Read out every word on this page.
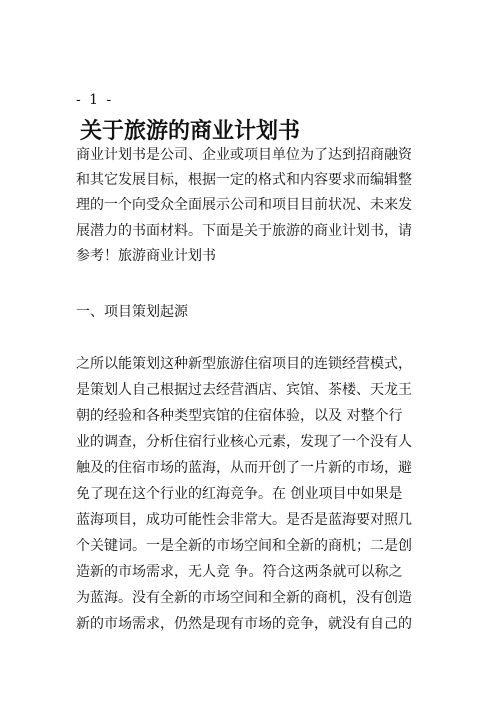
- 1 -
关于旅游的商业计划书

商业计划书是公司、企业或项目单位为了达到招商融资

和其它发展目标，根据一定的格式和内容要求而编辑整

理的一个向受众全面展示公司和项目目前状况、未来发

展潜力的书面材料。下面是关于旅游的商业计划书，请

参考！旅游商业计划书

一、项目策划起源

之所以能策划这种新型旅游住宿项目的连锁经营模式，

是策划人自己根据过去经营酒店、宾馆、茶楼、天龙王

朝的经验和各种类型宾馆的住宿体验，以及 对整个行

业的调查，分析住宿行业核心元素，发现了一个没有人

触及的住宿市场的蓝海，从而开创了一片新的市场，避

免了现在这个行业的红海竞争。在 创业项目中如果是

蓝海项目，成功可能性会非常大。是否是蓝海要对照几

个关键词。一是全新的市场空间和全新的商机；二是创

造新的市场需求，无人竞 争。符合这两条就可以称之

为蓝海。没有全新的市场空间和全新的商机，没有创造

新的市场需求，仍然是现有市场的竞争，就没有自己的
